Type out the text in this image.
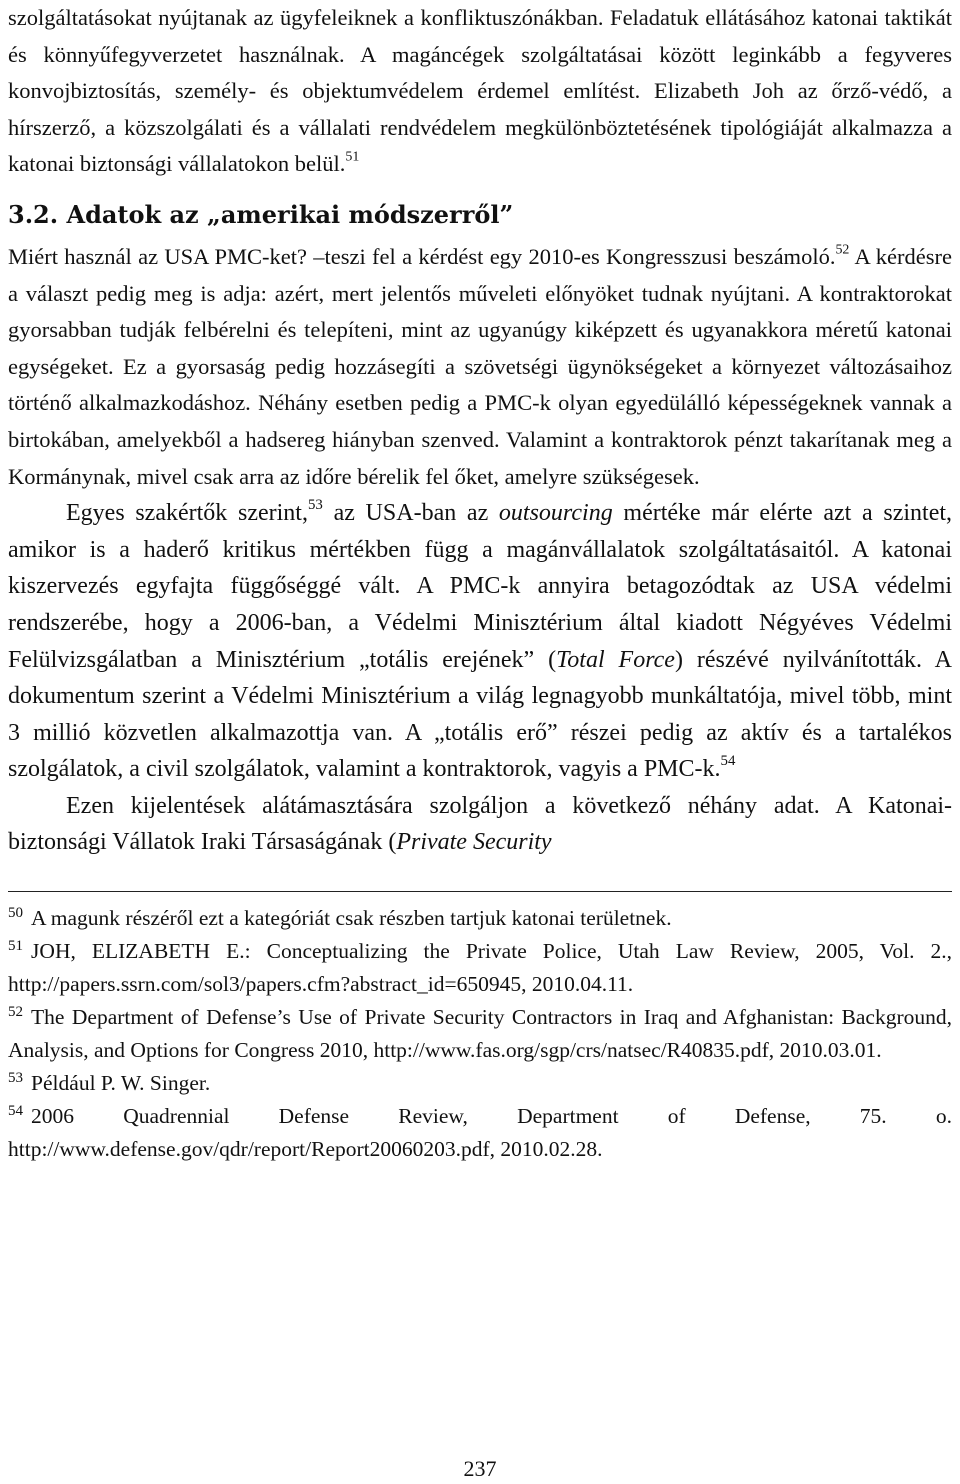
szolgáltatásokat nyújtanak az ügyfeleiknek a konfliktuszónákban. Feladatuk ellátásához katonai taktikát és könnyűfegyverzetet használnak. A magáncégek szolgáltatásai között leginkább a fegyveres konvojbiztosítás, személy- és objektumvédelem érdemel említést. Elizabeth Joh az őrző-védő, a hírszerző, a közszolgálati és a vállalati rendvédelem megkülönböztetésének tipológiáját alkalmazza a katonai biztonsági vállalatokon belül.$^{51}$

3.2. Adatok az „amerikai módszerről”

Miért használ az USA PMC-ket? –teszi fel a kérdést egy 2010-es Kongresszusi beszámoló.$^{52}$ A kérdésre a választ pedig meg is adja: azért, mert jelentős műveleti előnyöket tudnak nyújtani. A kontraktorokat gyorsabban tudják felbérelni és telepíteni, mint az ugyanúgy kiképzett és ugyanakkora méretű katonai egységeket. Ez a gyorsaság pedig hozzásegíti a szövetségi ügynökségeket a környezet változásaihoz történő alkalmazkodáshoz. Néhány esetben pedig a PMC-k olyan egyedülálló képességeknek vannak a birtokában, amelyekből a hadsereg hiányban szenved. Valamint a kontraktorok pénzt takarítanak meg a Kormánynak, mivel csak arra az időre bérelik fel őket, amelyre szükségesek.

Egyes szakértők szerint,$^{53}$ az USA-ban az outsourcing mértéke már elérte azt a szintet, amikor is a haderő kritikus mértékben függ a magánvállalatok szolgáltatásaitól. A katonai kiszervezés egyfajta függőséggé vált. A PMC-k annyira betagozódtak az USA védelmi rendszerébe, hogy a 2006-ban, a Védelmi Minisztérium által kiadott Négyéves Védelmi Felülvizsgálatban a Minisztérium „totális erejének” (Total Force) részévé nyilvánították. A dokumentum szerint a Védelmi Minisztérium a világ legnagyobb munkáltatója, mivel több, mint 3 millió közvetlen alkalmazottja van. A „totális erő” részei pedig az aktív és a tartalékos szolgálatok, a civil szolgálatok, valamint a kontraktorok, vagyis a PMC-k.$^{54}$

Ezen kijelentések alátámasztására szolgáljon a következő néhány adat. A Katonai-biztonsági Vállatok Iraki Társaságának (Private Security

$^{50}$ A magunk részéről ezt a kategóriát csak részben tartjuk katonai területnek.

$^{51}$ JOH, ELIZABETH E.: Conceptualizing the Private Police, Utah Law Review, 2005, Vol. 2., http://papers.ssrn.com/sol3/papers.cfm?abstract_id=650945, 2010.04.11.

$^{52}$ The Department of Defense’s Use of Private Security Contractors in Iraq and Afghanistan: Background, Analysis, and Options for Congress 2010, http://www.fas.org/sgp/crs/natsec/R40835.pdf, 2010.03.01.

$^{53}$ Például P. W. Singer.

$^{54}$ 2006 Quadrennial Defense Review, Department of Defense, 75. o. http://www.defense.gov/qdr/report/Report20060203.pdf, 2010.02.28.

237
